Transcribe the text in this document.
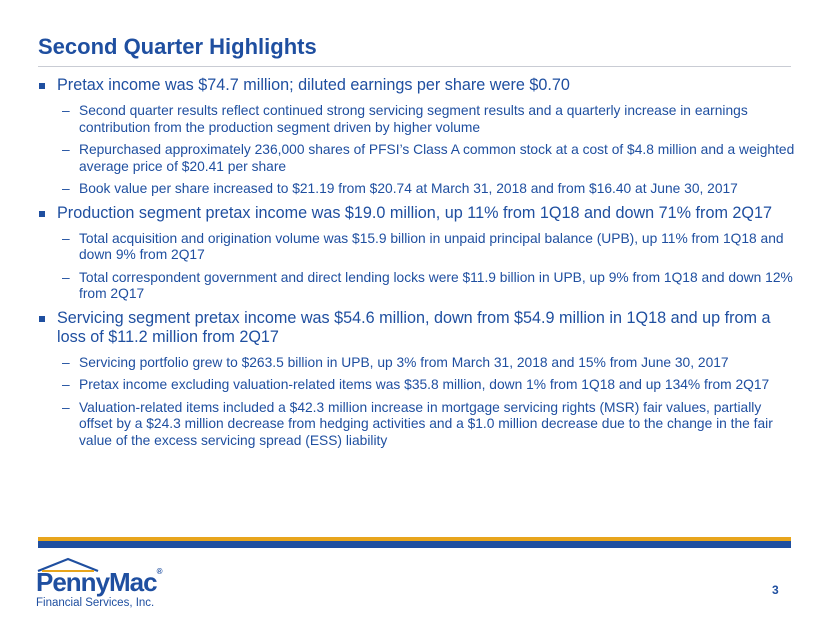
Second Quarter Highlights
Pretax income was $74.7 million; diluted earnings per share were $0.70
– Second quarter results reflect continued strong servicing segment results and a quarterly increase in earnings contribution from the production segment driven by higher volume
– Repurchased approximately 236,000 shares of PFSI’s Class A common stock at a cost of $4.8 million and a weighted average price of $20.41 per share
– Book value per share increased to $21.19 from $20.74 at March 31, 2018 and from $16.40 at June 30, 2017
Production segment pretax income was $19.0 million, up 11% from 1Q18 and down 71% from 2Q17
– Total acquisition and origination volume was $15.9 billion in unpaid principal balance (UPB), up 11% from 1Q18 and down 9% from 2Q17
– Total correspondent government and direct lending locks were $11.9 billion in UPB, up 9% from 1Q18 and down 12% from 2Q17
Servicing segment pretax income was $54.6 million, down from $54.9 million in 1Q18 and up from a loss of $11.2 million from 2Q17
– Servicing portfolio grew to $263.5 billion in UPB, up 3% from March 31, 2018 and 15% from June 30, 2017
– Pretax income excluding valuation-related items was $35.8 million, down 1% from 1Q18 and up 134% from 2Q17
– Valuation-related items included a $42.3 million increase in mortgage servicing rights (MSR) fair values, partially offset by a $24.3 million decrease from hedging activities and a $1.0 million decrease due to the change in the fair value of the excess servicing spread (ESS) liability
PennyMac®
Financial Services, Inc.
3
